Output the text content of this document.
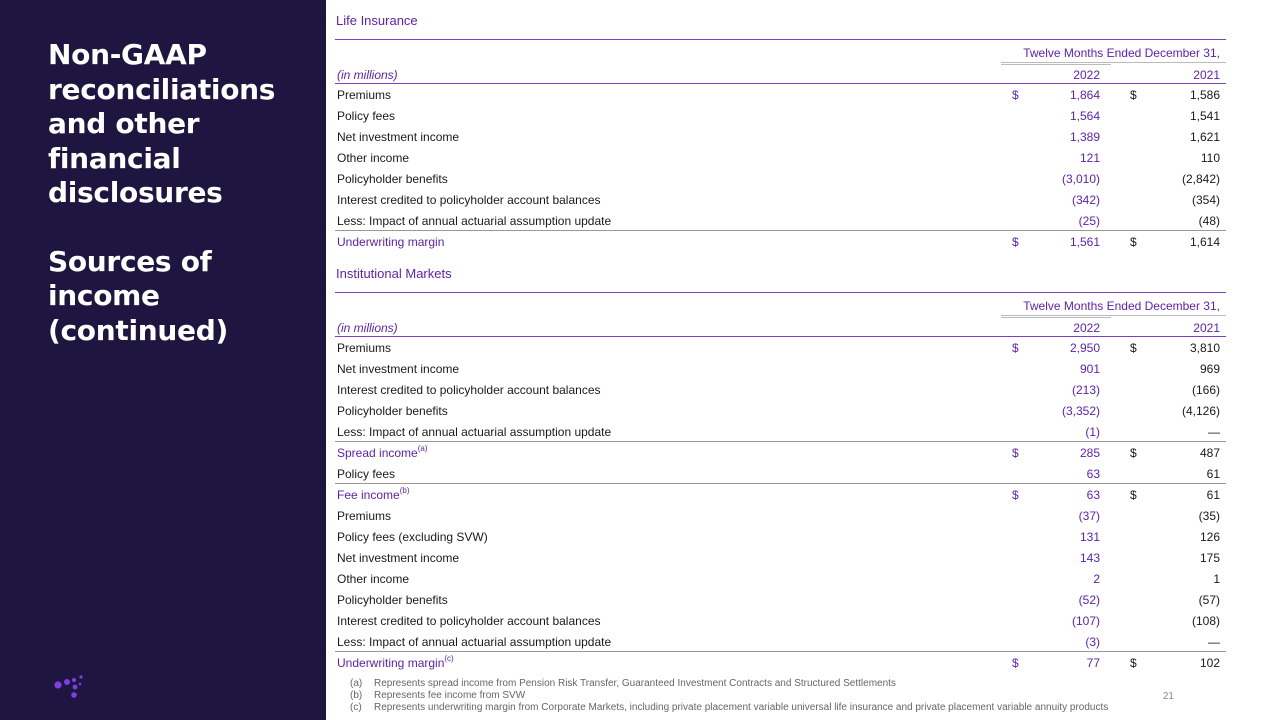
Non-GAAP
reconciliations
and other
financial
disclosures
Sources of
income
(continued)
Life Insurance
Twelve Months Ended December 31,
(in millions)	2022	2021
Premiums	$	1,864	$	1,586
Policy fees	1,564	1,541
Net investment income	1,389	1,621
Other income	121	110
Policyholder benefits	(3,010)	(2,842)
Interest credited to policyholder account balances	(342)	(354)
Less: Impact of annual actuarial assumption update	(25)	(48)
Underwriting margin	$	1,561	$	1,614
Institutional Markets
Twelve Months Ended December 31,
(in millions)	2022	2021
Premiums	$	2,950	$	3,810
Net investment income	901	969
Interest credited to policyholder account balances	(213)	(166)
Policyholder benefits	(3,352)	(4,126)
Less: Impact of annual actuarial assumption update	(1)	—
Spread income$^{(a)}$	$	285	$	487
Policy fees	63	61
Fee income$^{(b)}$	$	63	$	61
Premiums	(37)	(35)
Policy fees (excluding SVW)	131	126
Net investment income	143	175
Other income	2	1
Policyholder benefits	(52)	(57)
Interest credited to policyholder account balances	(107)	(108)
Less: Impact of annual actuarial assumption update	(3)	—
Underwriting margin$^{(c)}$	$	77	$	102
(a) Represents spread income from Pension Risk Transfer, Guaranteed Investment Contracts and Structured Settlements
(b) Represents fee income from SVW
(c) Represents underwriting margin from Corporate Markets, including private placement variable universal life insurance and private placement variable annuity products
21
